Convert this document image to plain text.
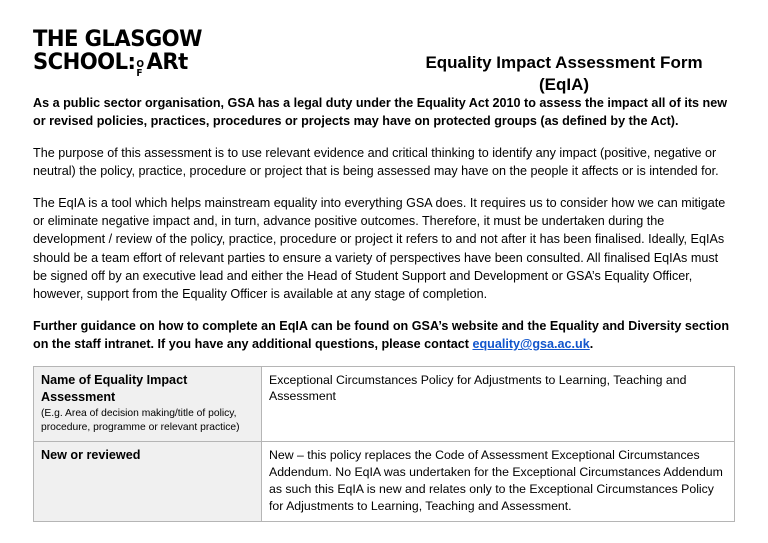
THE GLASGOW
SCHOOL: O
F ARt	Equality Impact Assessment Form
(EqIA)

As a public sector organisation, GSA has a legal duty under the Equality Act 2010 to assess the impact all of its new or revised policies, practices, procedures or projects may have on protected groups (as defined by the Act).

The purpose of this assessment is to use relevant evidence and critical thinking to identify any impact (positive, negative or neutral) the policy, practice, procedure or project that is being assessed may have on the people it affects or is intended for.

The EqIA is a tool which helps mainstream equality into everything GSA does. It requires us to consider how we can mitigate or eliminate negative impact and, in turn, advance positive outcomes. Therefore, it must be undertaken during the development / review of the policy, practice, procedure or project it refers to and not after it has been finalised. Ideally, EqIAs should be a team effort of relevant parties to ensure a variety of perspectives have been consulted. All finalised EqIAs must be signed off by an executive lead and either the Head of Student Support and Development or GSA’s Equality Officer, however, support from the Equality Officer is available at any stage of completion.

Further guidance on how to complete an EqIA can be found on GSA’s website and the Equality and Diversity section on the staff intranet. If you have any additional questions, please contact equality@gsa.ac.uk.

Name of Equality Impact Assessment
(E.g. Area of decision making/title of policy, procedure, programme or relevant practice)	Exceptional Circumstances Policy for Adjustments to Learning, Teaching and Assessment

New or reviewed	New – this policy replaces the Code of Assessment Exceptional Circumstances Addendum. No EqIA was undertaken for the Exceptional Circumstances Addendum as such this EqIA is new and relates only to the Exceptional Circumstances Policy for Adjustments to Learning, Teaching and Assessment.
